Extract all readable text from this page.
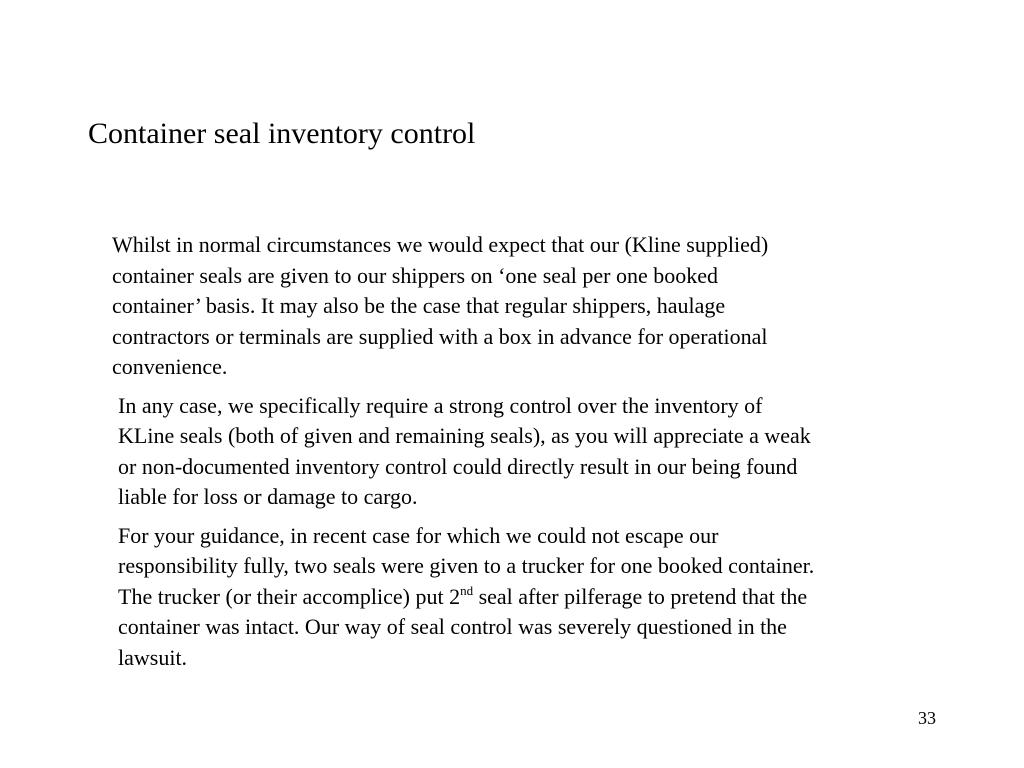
Container seal inventory control

Whilst in normal circumstances we would expect that our (Kline supplied)
container seals are given to our shippers on ‘one seal per one booked
container’ basis. It may also be the case that regular shippers, haulage
contractors or terminals are supplied with a box in advance for operational
convenience.

In any case, we specifically require a strong control over the inventory of
KLine seals (both of given and remaining seals), as you will appreciate a weak
or non-documented inventory control could directly result in our being found
liable for loss or damage to cargo.

For your guidance, in recent case for which we could not escape our
responsibility fully, two seals were given to a trucker for one booked container.
The trucker (or their accomplice) put 2nd seal after pilferage to pretend that the
container was intact. Our way of seal control was severely questioned in the
lawsuit.

33
